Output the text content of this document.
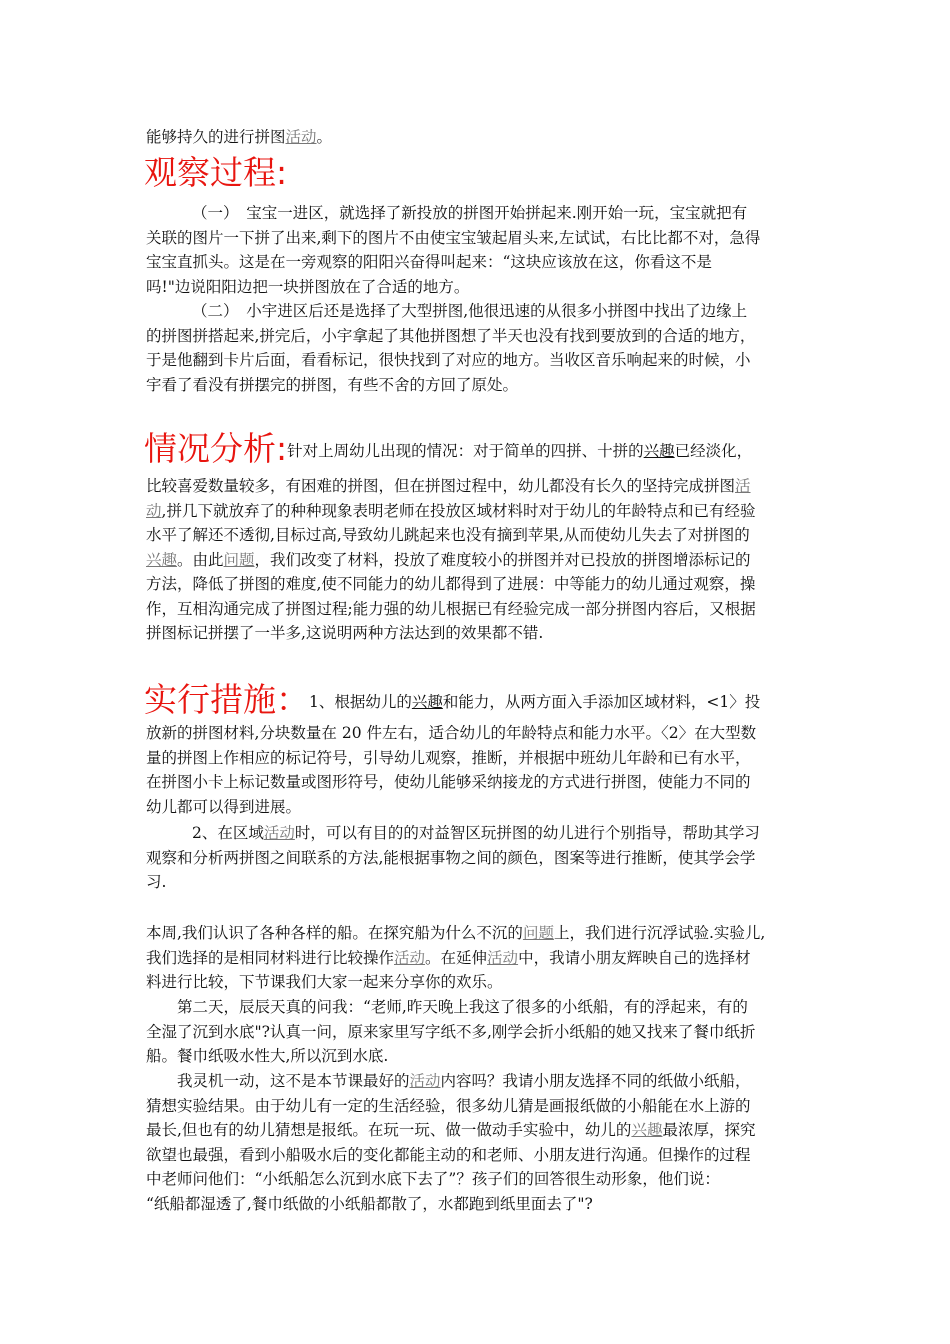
能够持久的进行拼图活动。
观察过程:
（一）　宝宝一进区，就选择了新投放的拼图开始拼起来.刚开始一玩，宝宝就把有
关联的图片一下拼了出来,剩下的图片不由使宝宝皱起眉头来,左试试，右比比都不对，急得
宝宝直抓头。这是在一旁观察的阳阳兴奋得叫起来：“这块应该放在这，你看这不是
吗!"边说阳阳边把一块拼图放在了合适的地方。
（二）　小宇进区后还是选择了大型拼图,他很迅速的从很多小拼图中找出了边缘上
的拼图拼搭起来,拼完后，小宇拿起了其他拼图想了半天也没有找到要放到的合适的地方，
于是他翻到卡片后面，看看标记，很快找到了对应的地方。当收区音乐响起来的时候，小
宇看了看没有拼摆完的拼图，有些不舍的方回了原处。
情况分析:针对上周幼儿出现的情况：对于简单的四拼、十拼的兴趣已经淡化，
比较喜爱数量较多，有困难的拼图，但在拼图过程中，幼儿都没有长久的坚持完成拼图活
动,拼几下就放弃了的种种现象表明老师在投放区域材料时对于幼儿的年龄特点和已有经验
水平了解还不透彻,目标过高,导致幼儿跳起来也没有摘到苹果,从而使幼儿失去了对拼图的
兴趣。由此问题，我们改变了材料，投放了难度较小的拼图并对已投放的拼图增添标记的
方法，降低了拼图的难度,使不同能力的幼儿都得到了进展：中等能力的幼儿通过观察，操
作，互相沟通完成了拼图过程;能力强的幼儿根据已有经验完成一部分拼图内容后，又根据
拼图标记拼摆了一半多,这说明两种方法达到的效果都不错.
实行措施：1、根据幼儿的兴趣和能力，从两方面入手添加区域材料，<1〉投
放新的拼图材料,分块数量在 20 件左右，适合幼儿的年龄特点和能力水平。〈2〉在大型数
量的拼图上作相应的标记符号，引导幼儿观察，推断，并根据中班幼儿年龄和已有水平，
在拼图小卡上标记数量或图形符号，使幼儿能够采纳接龙的方式进行拼图，使能力不同的
幼儿都可以得到进展。
2、在区域活动时，可以有目的的对益智区玩拼图的幼儿进行个别指导，帮助其学习
观察和分析两拼图之间联系的方法,能根据事物之间的颜色，图案等进行推断，使其学会学
习.
本周,我们认识了各种各样的船。在探究船为什么不沉的问题上，我们进行沉浮试验.实验儿,
我们选择的是相同材料进行比较操作活动。在延伸活动中，我请小朋友辉映自己的选择材
料进行比较，下节课我们大家一起来分享你的欢乐。
第二天，辰辰天真的问我：“老师,昨天晚上我这了很多的小纸船，有的浮起来，有的
全湿了沉到水底"?认真一问，原来家里写字纸不多,刚学会折小纸船的她又找来了餐巾纸折
船。餐巾纸吸水性大,所以沉到水底.
我灵机一动，这不是本节课最好的活动内容吗？我请小朋友选择不同的纸做小纸船，
猜想实验结果。由于幼儿有一定的生活经验，很多幼儿猜是画报纸做的小船能在水上游的
最长,但也有的幼儿猜想是报纸。在玩一玩、做一做动手实验中，幼儿的兴趣最浓厚，探究
欲望也最强，看到小船吸水后的变化都能主动的和老师、小朋友进行沟通。但操作的过程
中老师问他们：“小纸船怎么沉到水底下去了”？孩子们的回答很生动形象，他们说：
“纸船都湿透了,餐巾纸做的小纸船都散了，水都跑到纸里面去了"?
